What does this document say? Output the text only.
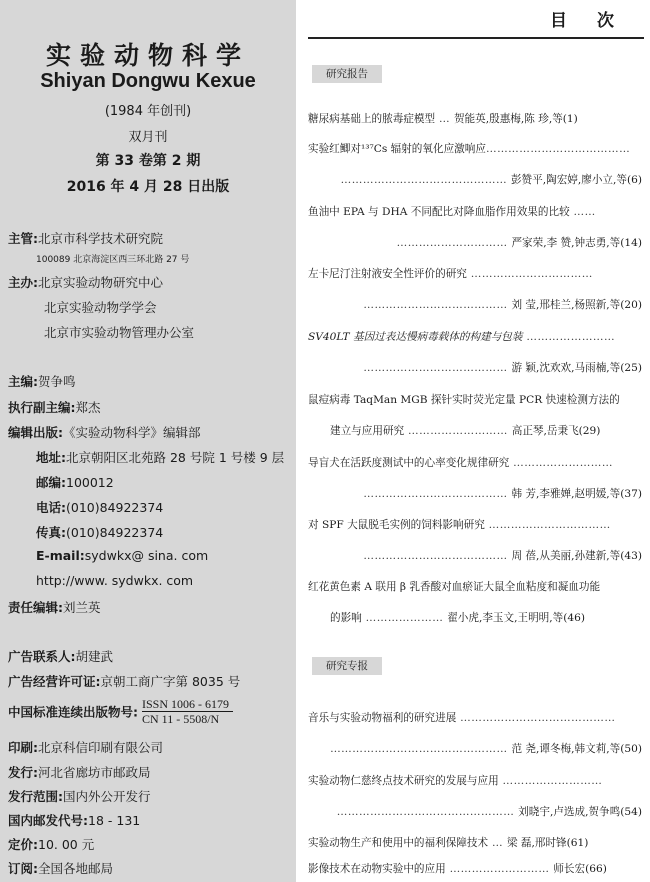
实验动物科学
Shiyan Dongwu Kexue
(1984 年创刊)
双月刊
第 33 卷第 2 期
2016 年 4 月 28 日出版
主管:北京市科学技术研究院
100089 北京海淀区西三环北路 27 号
主办:北京实验动物研究中心
北京实验动物学学会
北京市实验动物管理办公室
主编:贺争鸣
执行副主编:郑杰
编辑出版:《实验动物科学》编辑部
地址:北京朝阳区北苑路 28 号院 1 号楼 9 层
邮编:100012
电话:(010)84922374
传真:(010)84922374
E-mail:sydwkx@ sina. com
http://www. sydwkx. com
责任编辑:刘兰英
广告联系人:胡建武
广告经营许可证:京朝工商广字第 8035 号
中国标准连续出版物号: $\frac{\text{ISSN 1006 - 6179}}{CN 11 - 5508/N}$
印刷:北京科信印刷有限公司
发行:河北省廊坊市邮政局
发行范围:国内外公开发行
国内邮发代号:18 - 131
定价:10. 00 元
订阅:全国各地邮局
目次
研究报告
糖尿病基础上的脓毒症模型 … 贺能英,殷惠梅,陈 珍,等(1)
实验红鲫对¹³⁷Cs 辐射的氧化应激响应…………………………………
……………………………………… 彭赞平,陶宏婷,廖小立,等(6)
鱼油中 EPA 与 DHA 不同配比对降血脂作用效果的比较 ……
………………………… 严家荣,李 赞,钟志勇,等(14)
左卡尼汀注射液安全性评价的研究 ……………………………
………………………………… 刘 莹,邢桂兰,杨照新,等(20)
SV40LT 基因过表达慢病毒载体的构建与包装 ……………………
………………………………… 游 颖,沈欢欢,马雨楠,等(25)
鼠痘病毒 TaqMan MGB 探针实时荧光定量 PCR 快速检测方法的
建立与应用研究 ……………………… 高正琴,岳秉飞(29)
导盲犬在活跃度测试中的心率变化规律研究 ………………………
………………………………… 韩 芳,李雅婵,赵明媛,等(37)
对 SPF 大鼠脱毛实例的饲料影响研究 ……………………………
………………………………… 周 蓓,从美丽,孙建新,等(43)
红花黄色素 A 联用 β 乳香酸对血瘀证大鼠全血粘度和凝血功能
的影响 ………………… 翟小虎,李玉文,王明明,等(46)
研究专报
音乐与实验动物福利的研究进展 ……………………………………
………………………………………… 范 尧,谭冬梅,韩文莉,等(50)
实验动物仁慈终点技术研究的发展与应用 ………………………
………………………………………… 刘晓宇,卢选成,贺争鸣(54)
实验动物生产和使用中的福利保障技术 … 梁 磊,邢时锋(61)
影像技术在动物实验中的应用 ……………………… 师长宏(66)
